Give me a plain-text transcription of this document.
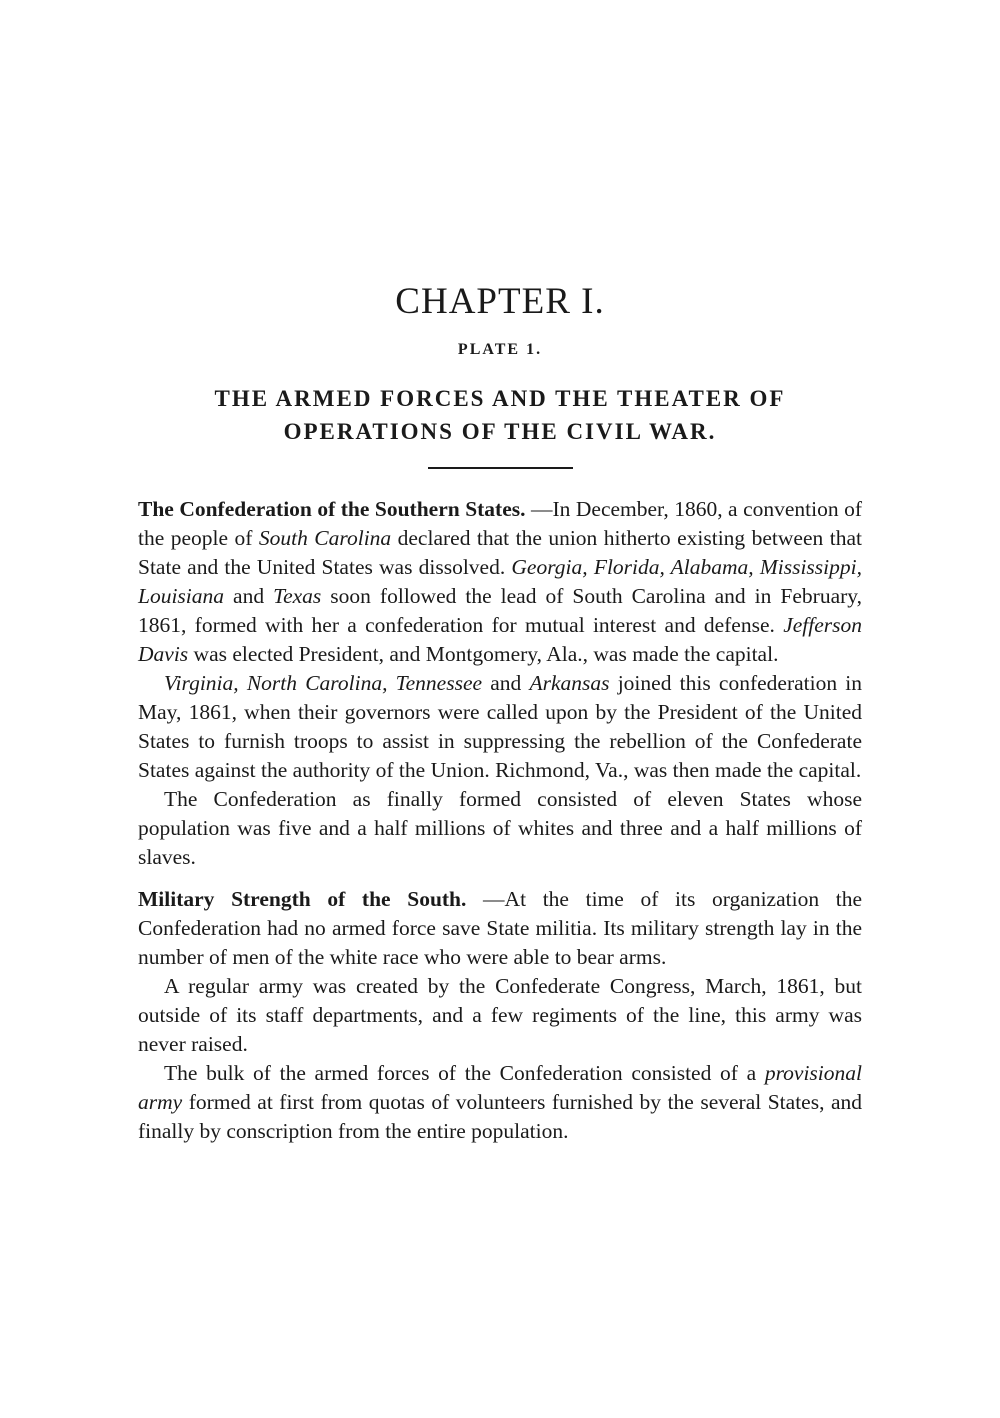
CHAPTER I.
PLATE 1.
THE ARMED FORCES AND THE THEATER OF
OPERATIONS OF THE CIVIL WAR.

The Confederation of the Southern States. —In December, 1860, a convention of the people of South Carolina declared that the union hitherto existing between that State and the United States was dissolved. Georgia, Florida, Alabama, Mississippi, Louisiana and Texas soon followed the lead of South Carolina and in February, 1861, formed with her a confederation for mutual interest and defense. Jefferson Davis was elected President, and Montgomery, Ala., was made the capital.

Virginia, North Carolina, Tennessee and Arkansas joined this confederation in May, 1861, when their governors were called upon by the President of the United States to furnish troops to assist in suppressing the rebellion of the Confederate States against the authority of the Union. Richmond, Va., was then made the capital.

The Confederation as finally formed consisted of eleven States whose population was five and a half millions of whites and three and a half millions of slaves.

Military Strength of the South. —At the time of its organization the Confederation had no armed force save State militia. Its military strength lay in the number of men of the white race who were able to bear arms.

A regular army was created by the Confederate Congress, March, 1861, but outside of its staff departments, and a few regiments of the line, this army was never raised.

The bulk of the armed forces of the Confederation consisted of a provisional army formed at first from quotas of volunteers furnished by the several States, and finally by conscription from the entire population.
